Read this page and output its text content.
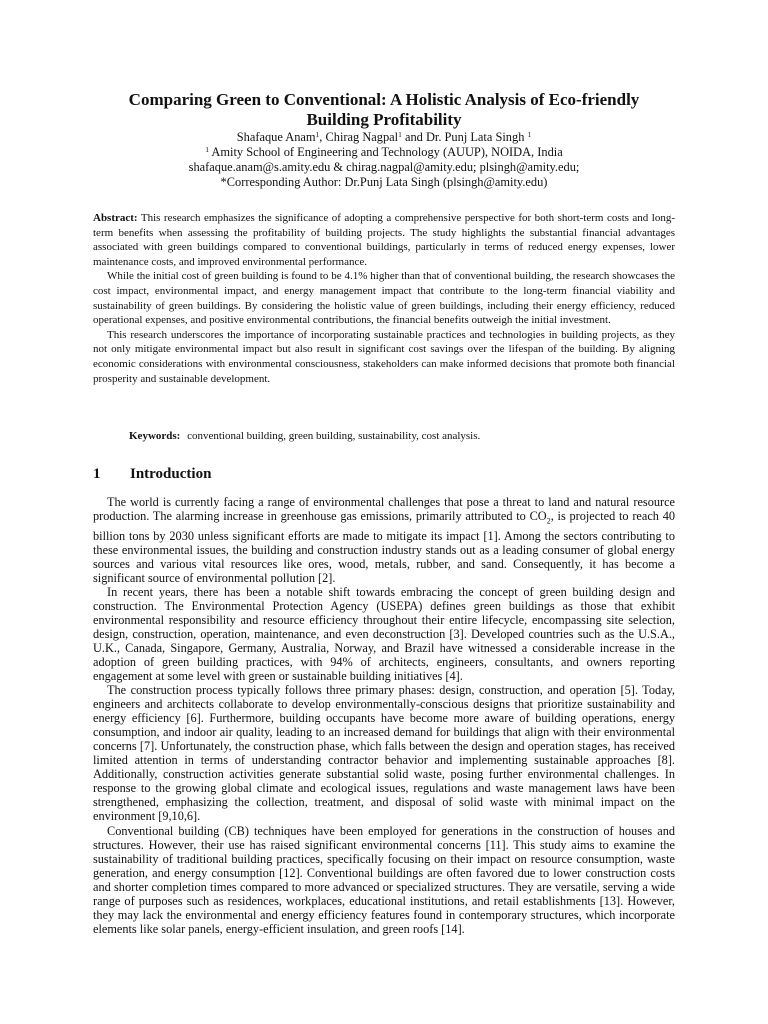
Comparing Green to Conventional: A Holistic Analysis of Eco-friendly
Building Profitability

Shafaque Anam$^1$, Chirag Nagpal$^1$ and Dr. Punj Lata Singh $^1$

$^1$ Amity School of Engineering and Technology (AUUP), NOIDA, India

shafaque.anam@s.amity.edu & chirag.nagpal@amity.edu; plsingh@amity.edu;

*Corresponding Author: Dr.Punj Lata Singh (plsingh@amity.edu)

Abstract: This research emphasizes the significance of adopting a comprehensive perspective for both short-term costs and long-term benefits when assessing the profitability of building projects. The study highlights the substantial financial advantages associated with green buildings compared to conventional buildings, particularly in terms of reduced energy expenses, lower maintenance costs, and improved environmental performance.

While the initial cost of green building is found to be 4.1% higher than that of conventional building, the research showcases the cost impact, environmental impact, and energy management impact that contribute to the long-term financial viability and sustainability of green buildings. By considering the holistic value of green buildings, including their energy efficiency, reduced operational expenses, and positive environmental contributions, the financial benefits outweigh the initial investment.

This research underscores the importance of incorporating sustainable practices and technologies in building projects, as they not only mitigate environmental impact but also result in significant cost savings over the lifespan of the building. By aligning economic considerations with environmental consciousness, stakeholders can make informed decisions that promote both financial prosperity and sustainable development.

Keywords: conventional building, green building, sustainability, cost analysis.
1 Introduction

The world is currently facing a range of environmental challenges that pose a threat to land and natural resource production. The alarming increase in greenhouse gas emissions, primarily attributed to $CO_2$, is projected to reach 40 billion tons by 2030 unless significant efforts are made to mitigate its impact [1]. Among the sectors contributing to these environmental issues, the building and construction industry stands out as a leading consumer of global energy sources and various vital resources like ores, wood, metals, rubber, and sand. Consequently, it has become a significant source of environmental pollution [2].

In recent years, there has been a notable shift towards embracing the concept of green building design and construction. The Environmental Protection Agency (USEPA) defines green buildings as those that exhibit environmental responsibility and resource efficiency throughout their entire lifecycle, encompassing site selection, design, construction, operation, maintenance, and even deconstruction [3]. Developed countries such as the U.S.A., U.K., Canada, Singapore, Germany, Australia, Norway, and Brazil have witnessed a considerable increase in the adoption of green building practices, with 94% of architects, engineers, consultants, and owners reporting engagement at some level with green or sustainable building initiatives [4].

The construction process typically follows three primary phases: design, construction, and operation [5]. Today, engineers and architects collaborate to develop environmentally-conscious designs that prioritize sustainability and energy efficiency [6]. Furthermore, building occupants have become more aware of building operations, energy consumption, and indoor air quality, leading to an increased demand for buildings that align with their environmental concerns [7]. Unfortunately, the construction phase, which falls between the design and operation stages, has received limited attention in terms of understanding contractor behavior and implementing sustainable approaches [8]. Additionally, construction activities generate substantial solid waste, posing further environmental challenges. In response to the growing global climate and ecological issues, regulations and waste management laws have been strengthened, emphasizing the collection, treatment, and disposal of solid waste with minimal impact on the environment [9,10,6].

Conventional building (CB) techniques have been employed for generations in the construction of houses and structures. However, their use has raised significant environmental concerns [11]. This study aims to examine the sustainability of traditional building practices, specifically focusing on their impact on resource consumption, waste generation, and energy consumption [12]. Conventional buildings are often favored due to lower construction costs and shorter completion times compared to more advanced or specialized structures. They are versatile, serving a wide range of purposes such as residences, workplaces, educational institutions, and retail establishments [13]. However, they may lack the environmental and energy efficiency features found in contemporary structures, which incorporate elements like solar panels, energy-efficient insulation, and green roofs [14].
